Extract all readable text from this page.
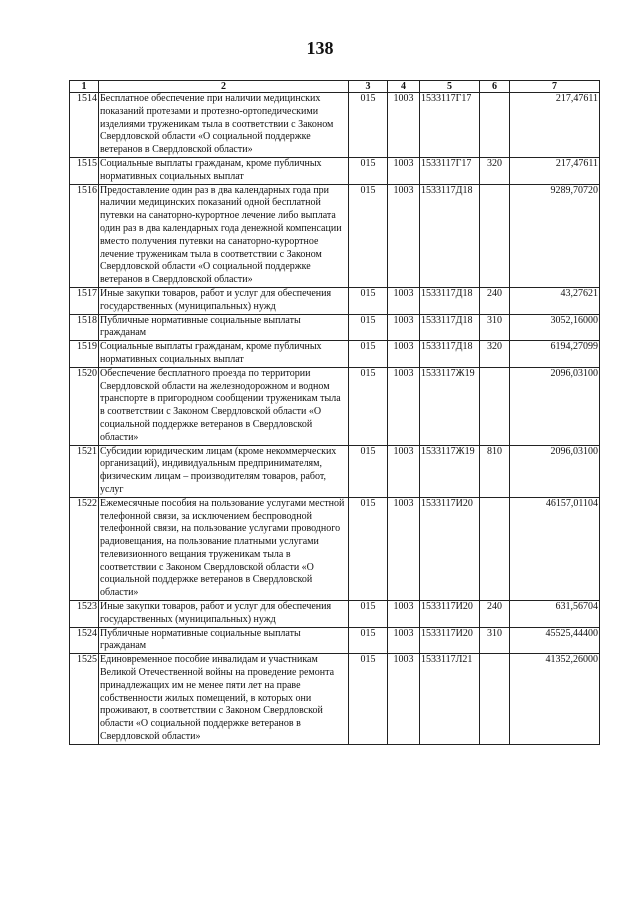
138
1	2	3	4	5	6	7
1514	Бесплатное обеспечение при наличии медицинских показаний протезами и протезно-ортопедическими изделиями труженикам тыла в соответствии с Законом Свердловской области «О социальной поддержке ветеранов в Свердловской области»	015	1003	1533117Г17		217,47611
1515	Социальные выплаты гражданам, кроме публичных нормативных социальных выплат	015	1003	1533117Г17	320	217,47611
1516	Предоставление один раз в два календарных года при наличии медицинских показаний одной бесплатной путевки на санаторно-курортное лечение либо выплата один раз в два календарных года денежной компенсации вместо получения путевки на санаторно-курортное лечение труженикам тыла в соответствии с Законом Свердловской области «О социальной поддержке ветеранов в Свердловской области»	015	1003	1533117Д18		9289,70720
1517	Иные закупки товаров, работ и услуг для обеспечения государственных (муниципальных) нужд	015	1003	1533117Д18	240	43,27621
1518	Публичные нормативные социальные выплаты гражданам	015	1003	1533117Д18	310	3052,16000
1519	Социальные выплаты гражданам, кроме публичных нормативных социальных выплат	015	1003	1533117Д18	320	6194,27099
1520	Обеспечение бесплатного проезда по территории Свердловской области на железнодорожном и водном транспорте в пригородном сообщении труженикам тыла в соответствии с Законом Свердловской области «О социальной поддержке ветеранов в Свердловской области»	015	1003	1533117Ж19		2096,03100
1521	Субсидии юридическим лицам (кроме некоммерческих организаций), индивидуальным предпринимателям, физическим лицам – производителям товаров, работ, услуг	015	1003	1533117Ж19	810	2096,03100
1522	Ежемесячные пособия на пользование услугами местной телефонной связи, за исключением беспроводной телефонной связи, на пользование услугами проводного радиовещания, на пользование платными услугами телевизионного вещания труженикам тыла в соответствии с Законом Свердловской области «О социальной поддержке ветеранов в Свердловской области»	015	1003	1533117И20		46157,01104
1523	Иные закупки товаров, работ и услуг для обеспечения государственных (муниципальных) нужд	015	1003	1533117И20	240	631,56704
1524	Публичные нормативные социальные выплаты гражданам	015	1003	1533117И20	310	45525,44400
1525	Единовременное пособие инвалидам и участникам Великой Отечественной войны на проведение ремонта принадлежащих им не менее пяти лет на праве собственности жилых помещений, в которых они проживают, в соответствии с Законом Свердловской области «О социальной поддержке ветеранов в Свердловской области»	015	1003	1533117Л21		41352,26000
